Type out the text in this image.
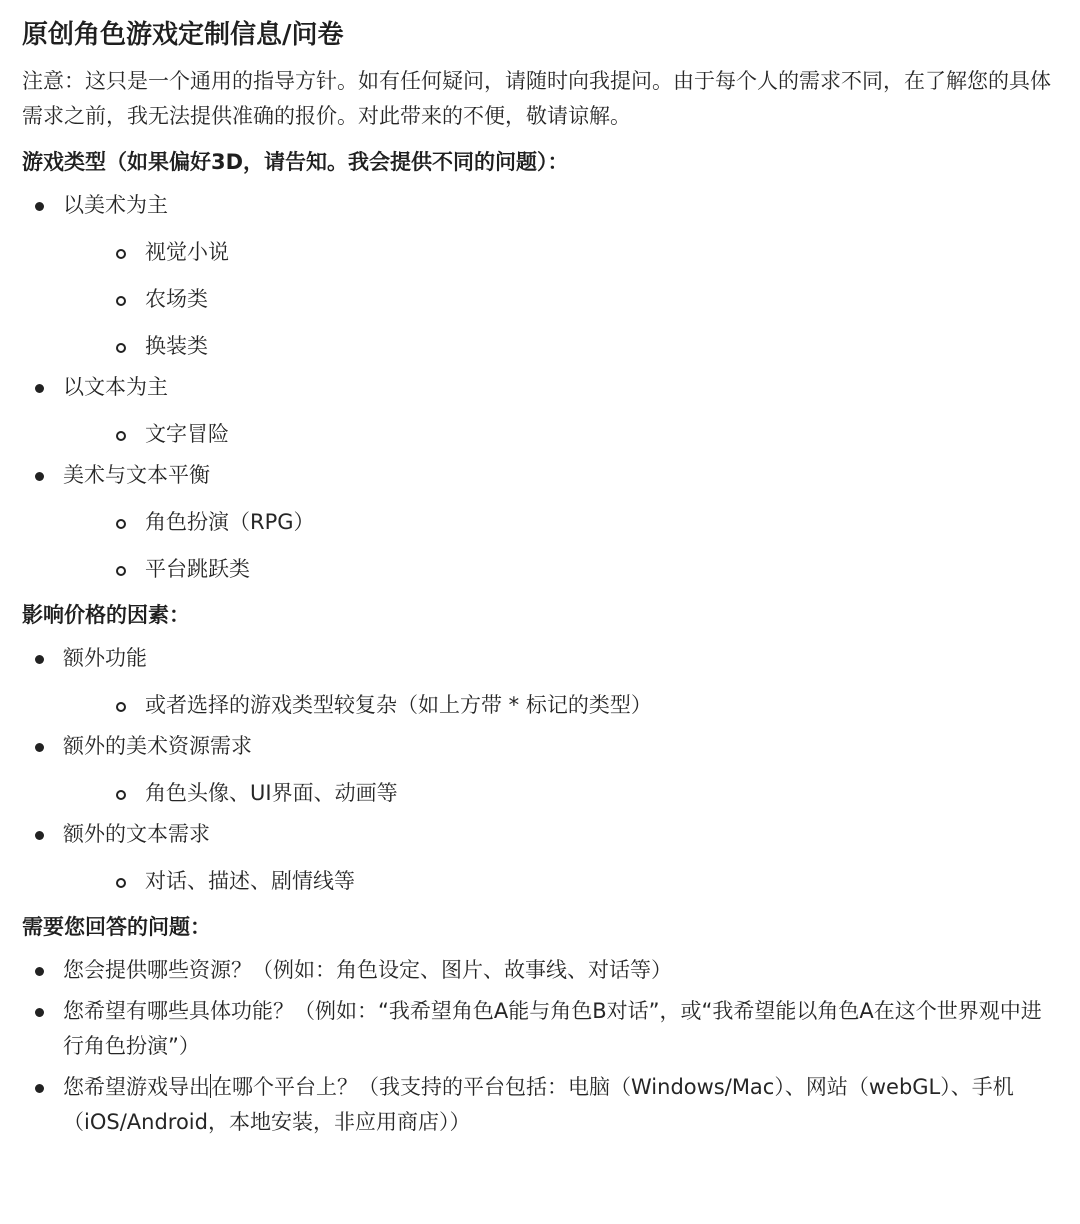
原创角色游戏定制信息/问卷

注意：这只是一个通用的指导方针。如有任何疑问，请随时向我提问。由于每个人的需求不同，在了解您的具体需求之前，我无法提供准确的报价。对此带来的不便，敬请谅解。

游戏类型（如果偏好3D，请告知。我会提供不同的问题）：
以美术为主
视觉小说
农场类
换装类
以文本为主
文字冒险
美术与文本平衡
角色扮演（RPG）
平台跳跃类
影响价格的因素：
额外功能
或者选择的游戏类型较复杂（如上方带 * 标记的类型）
额外的美术资源需求
角色头像、UI界面、动画等
额外的文本需求
对话、描述、剧情线等
需要您回答的问题：
您会提供哪些资源？（例如：角色设定、图片、故事线、对话等）
您希望有哪些具体功能？（例如：“我希望角色A能与角色B对话”，或“我希望能以角色A在这个世界观中进行角色扮演”）
您希望游戏导出在哪个平台上？（我支持的平台包括：电脑（Windows/Mac）、网站（webGL）、手机（iOS/Android，本地安装，非应用商店））
